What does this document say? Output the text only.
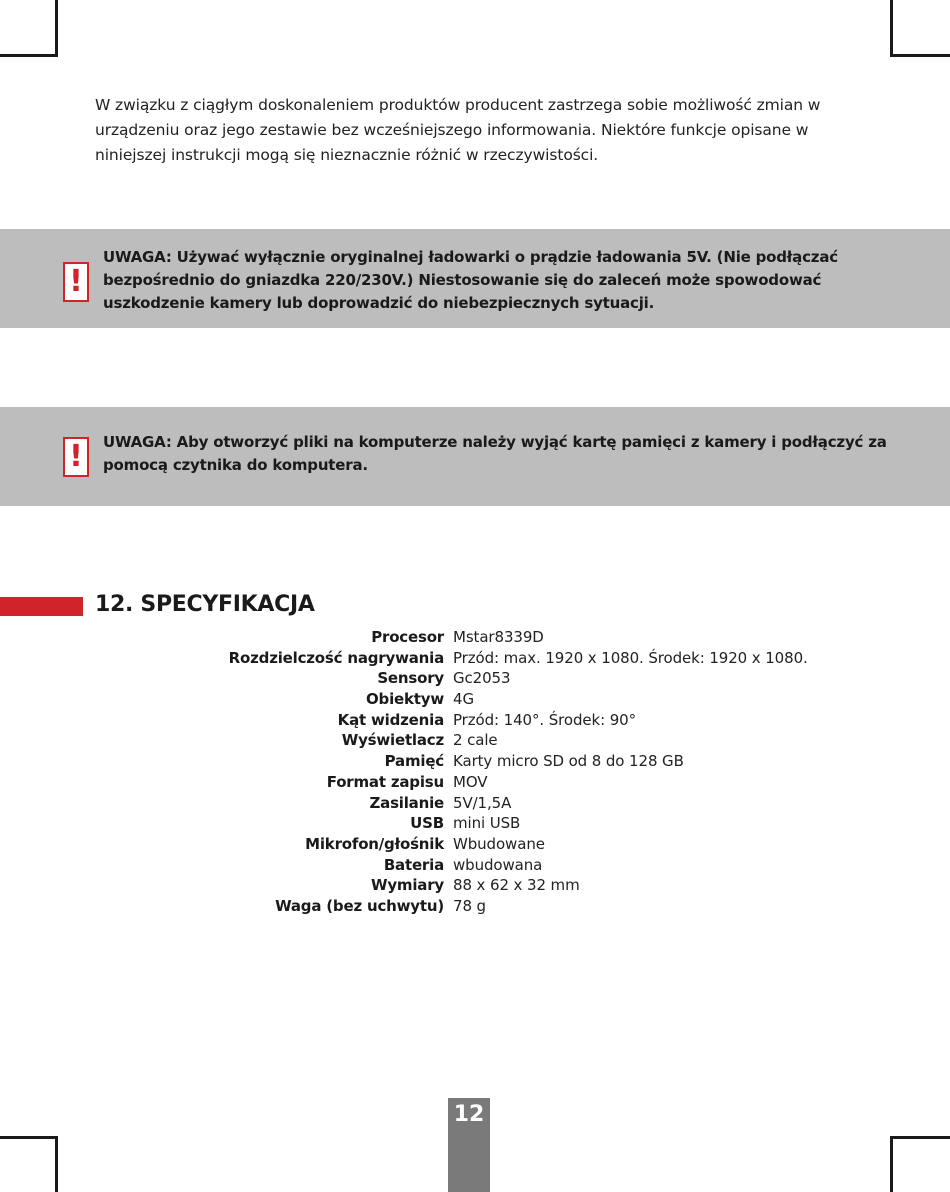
W związku z ciągłym doskonaleniem produktów producent zastrzega sobie możliwość zmian w urządzeniu oraz jego zestawie bez wcześniejszego informowania. Niektóre funkcje opisane w niniejszej instrukcji mogą się nieznacznie różnić w rzeczywistości.

!
UWAGA: Używać wyłącznie oryginalnej ładowarki o prądzie ładowania 5V. (Nie podłączać bezpośrednio do gniazdka 220/230V.) Niestosowanie się do zaleceń może spowodować uszkodzenie kamery lub doprowadzić do niebezpiecznych sytuacji.
! UWAGA: Aby otworzyć pliki na komputerze należy wyjąć kartę pamięci z kamery i podłączyć za pomocą czytnika do komputera.
12. SPECYFIKACJA
Procesor Mstar8339D
Rozdzielczość nagrywania Przód: max. 1920 x 1080. Środek: 1920 x 1080.
Sensory Gc2053
Obiektyw 4G
Kąt widzenia Przód: 140°. Środek: 90°
Wyświetlacz 2 cale
Pamięć Karty micro SD od 8 do 128 GB
Format zapisu MOV
Zasilanie 5V/1,5A
USB mini USB
Mikrofon/głośnik Wbudowane
Bateria wbudowana
Wymiary 88 x 62 x 32 mm
Waga (bez uchwytu) 78 g
12
